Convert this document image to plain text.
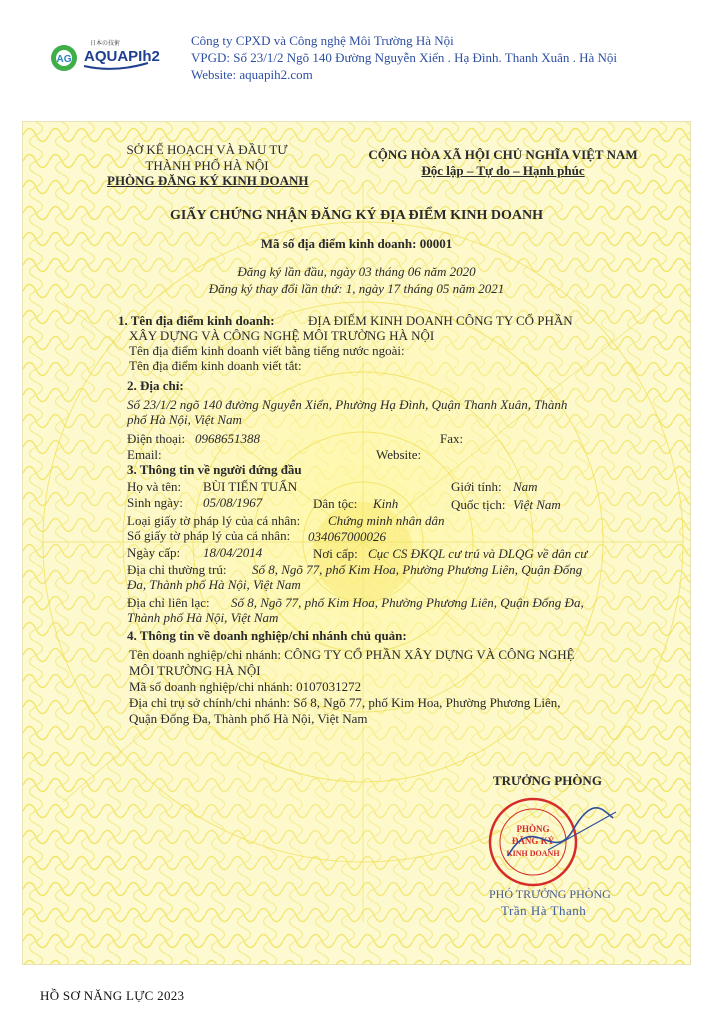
AG
日本の技術
AQUAPIh2
Công ty CPXD và Công nghệ Môi Trường Hà Nội
VPGD: Số 23/1/2 Ngõ 140 Đường Nguyễn Xiển . Hạ Đình. Thanh Xuân . Hà Nội
Website: aquapih2.com
SỞ KẾ HOẠCH VÀ ĐẦU TƯ
THÀNH PHỐ HÀ NỘI
PHÒNG ĐĂNG KÝ KINH DOANH
CỘNG HÒA XÃ HỘI CHỦ NGHĨA VIỆT NAM
Độc lập – Tự do – Hạnh phúc
GIẤY CHỨNG NHẬN ĐĂNG KÝ ĐỊA ĐIỂM KINH DOANH
Mã số địa điểm kinh doanh: 00001
Đăng ký lần đầu, ngày 03 tháng 06 năm 2020
Đăng ký thay đổi lần thứ: 1, ngày 17 tháng 05 năm 2021
1. Tên địa điểm kinh doanh:	ĐỊA ĐIỂM KINH DOANH CÔNG TY CỔ PHẦN
XÂY DỰNG VÀ CÔNG NGHỆ MÔI TRƯỜNG HÀ NỘI
Tên địa điểm kinh doanh viết bằng tiếng nước ngoài:
Tên địa điểm kinh doanh viết tắt:
2. Địa chỉ:
Số 23/1/2 ngõ 140 đường Nguyễn Xiển, Phường Hạ Đình, Quận Thanh Xuân, Thành
phố Hà Nội, Việt Nam
Điện thoại: 0968651388	Fax:
Email:	Website:
3. Thông tin về người đứng đầu
Họ và tên: BÙI TIẾN TUẤN	Giới tính: Nam
Sinh ngày: 05/08/1967	Dân tộc: Kinh	Quốc tịch: Việt Nam
Loại giấy tờ pháp lý của cá nhân: Chứng minh nhân dân
Số giấy tờ pháp lý của cá nhân: 034067000026
Ngày cấp: 18/04/2014	Nơi cấp: Cục CS ĐKQL cư trú và DLQG về dân cư
Địa chỉ thường trú: Số 8, Ngõ 77, phố Kim Hoa, Phường Phương Liên, Quận Đống
Đa, Thành phố Hà Nội, Việt Nam
Địa chỉ liên lạc: Số 8, Ngõ 77, phố Kim Hoa, Phường Phương Liên, Quận Đống Đa,
Thành phố Hà Nội, Việt Nam
4. Thông tin về doanh nghiệp/chi nhánh chủ quản:
Tên doanh nghiệp/chi nhánh: CÔNG TY CỔ PHẦN XÂY DỰNG VÀ CÔNG NGHỆ
MÔI TRƯỜNG HÀ NỘI
Mã số doanh nghiệp/chi nhánh: 0107031272
Địa chỉ trụ sở chính/chi nhánh: Số 8, Ngõ 77, phố Kim Hoa, Phường Phương Liên,
Quận Đống Đa, Thành phố Hà Nội, Việt Nam
TRƯỞNG PHÒNG
PHÒNG
ĐĂNG KÝ
KINH DOANH
PHÓ TRƯỞNG PHÒNG
Trần Hà Thanh
HỒ SƠ NĂNG LỰC 2023
